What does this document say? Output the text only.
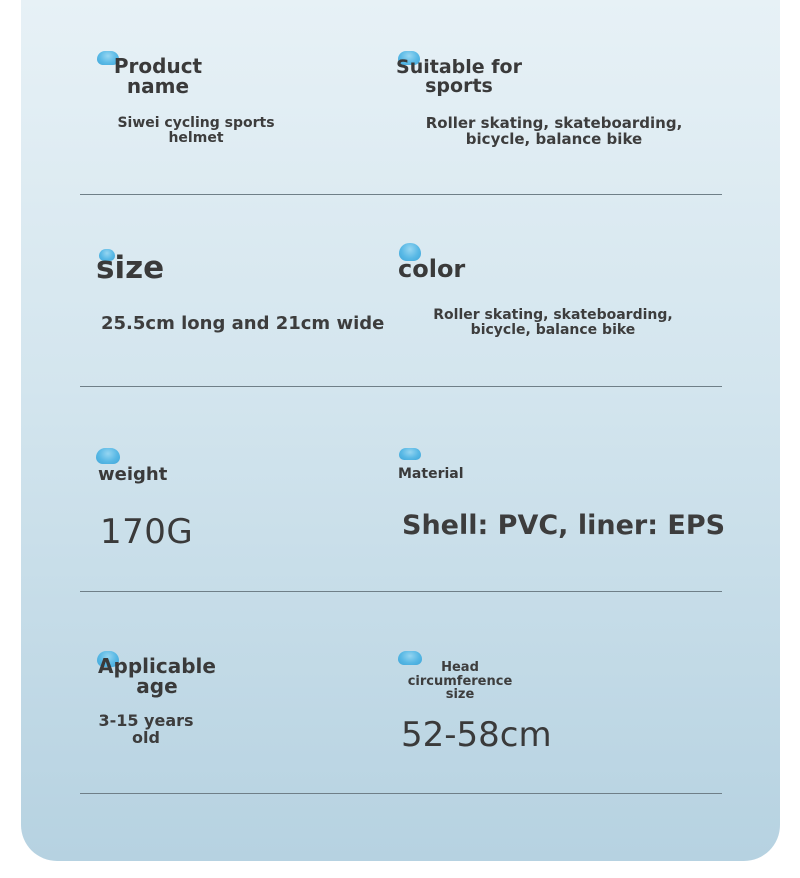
Product name
Siwei cycling sports helmet
Suitable for sports
Roller skating, skateboarding, bicycle, balance bike
size
25.5cm long and 21cm wide
color
Roller skating, skateboarding, bicycle, balance bike
weight
170G
Material
Shell: PVC, liner: EPS
Applicable age
3-15 years old
Head circumference size
52-58cm
